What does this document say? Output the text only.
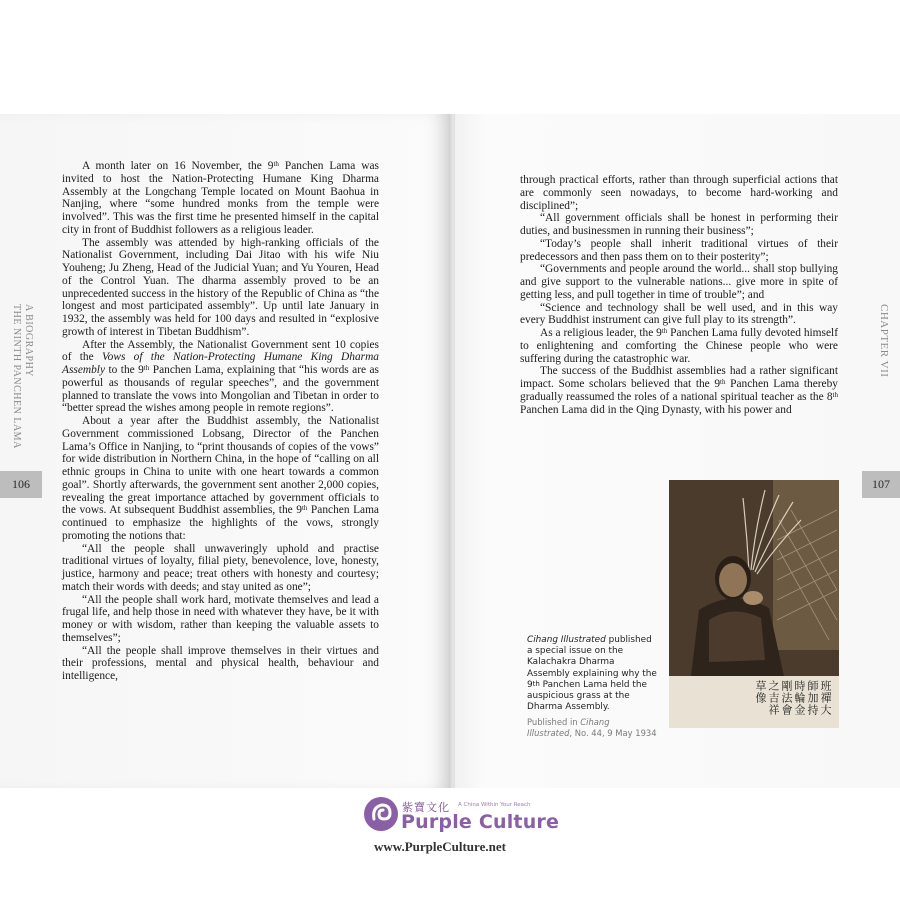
THE NINTH PANCHEN LAMA A BIOGRAPHY
106

A month later on 16 November, the 9th Panchen Lama was invited to host the Nation-Protecting Humane King Dharma Assembly at the Longchang Temple located on Mount Baohua in Nanjing, where “some hundred monks from the temple were involved”. This was the first time he presented himself in the capital city in front of Buddhist followers as a religious leader.

The assembly was attended by high-ranking officials of the Nationalist Government, including Dai Jitao with his wife Niu Youheng; Ju Zheng, Head of the Judicial Yuan; and Yu Youren, Head of the Control Yuan. The dharma assembly proved to be an unprecedented success in the history of the Republic of China as “the longest and most participated assembly”. Up until late January in 1932, the assembly was held for 100 days and resulted in “explosive growth of interest in Tibetan Buddhism”.

After the Assembly, the Nationalist Government sent 10 copies of the Vows of the Nation-Protecting Humane King Dharma Assembly to the 9th Panchen Lama, explaining that “his words are as powerful as thousands of regular speeches”, and the government planned to translate the vows into Mongolian and Tibetan in order to “better spread the wishes among people in remote regions”.

About a year after the Buddhist assembly, the Nationalist Government commissioned Lobsang, Director of the Panchen Lama’s Office in Nanjing, to “print thousands of copies of the vows” for wide distribution in Northern China, in the hope of “calling on all ethnic groups in China to unite with one heart towards a common goal”. Shortly afterwards, the government sent another 2,000 copies, revealing the great importance attached by government officials to the vows. At subsequent Buddhist assemblies, the 9th Panchen Lama continued to emphasize the highlights of the vows, strongly promoting the notions that:

“All the people shall unwaveringly uphold and practise traditional virtues of loyalty, filial piety, benevolence, love, honesty, justice, harmony and peace; treat others with honesty and courtesy; match their words with deeds; and stay united as one”;

“All the people shall work hard, motivate themselves and lead a frugal life, and help those in need with whatever they have, be it with money or with wisdom, rather than keeping the valuable assets to themselves”;

“All the people shall improve themselves in their virtues and their professions, mental and physical health, behaviour and intelligence,

CHAPTER VII
107

through practical efforts, rather than through superficial actions that are commonly seen nowadays, to become hard-working and disciplined”;

“All government officials shall be honest in performing their duties, and businessmen in running their business”;

“Today’s people shall inherit traditional virtues of their predecessors and then pass them on to their posterity”;

“Governments and people around the world... shall stop bullying and give support to the vulnerable nations... give more in spite of getting less, and pull together in time of trouble”; and

“Science and technology shall be well used, and in this way every Buddhist instrument can give full play to its strength”.

As a religious leader, the 9th Panchen Lama fully devoted himself to enlightening and comforting the Chinese people who were suffering during the catastrophic war.

The success of the Buddhist assemblies had a rather significant impact. Some scholars believed that the 9th Panchen Lama thereby gradually reassumed the roles of a national spiritual teacher as the 8th Panchen Lama did in the Qing Dynasty, with his power and

Cihang Illustrated published a special issue on the Kalachakra Dharma Assembly explaining why the 9th Panchen Lama held the auspicious grass at the Dharma Assembly.
Published in Cihang Illustrated, No. 44, 9 May 1934
班禪大師加持時輪金剛法會之吉祥草像
紫寶文化 A China Within Your Reach
Purple Culture
www.PurpleCulture.net
